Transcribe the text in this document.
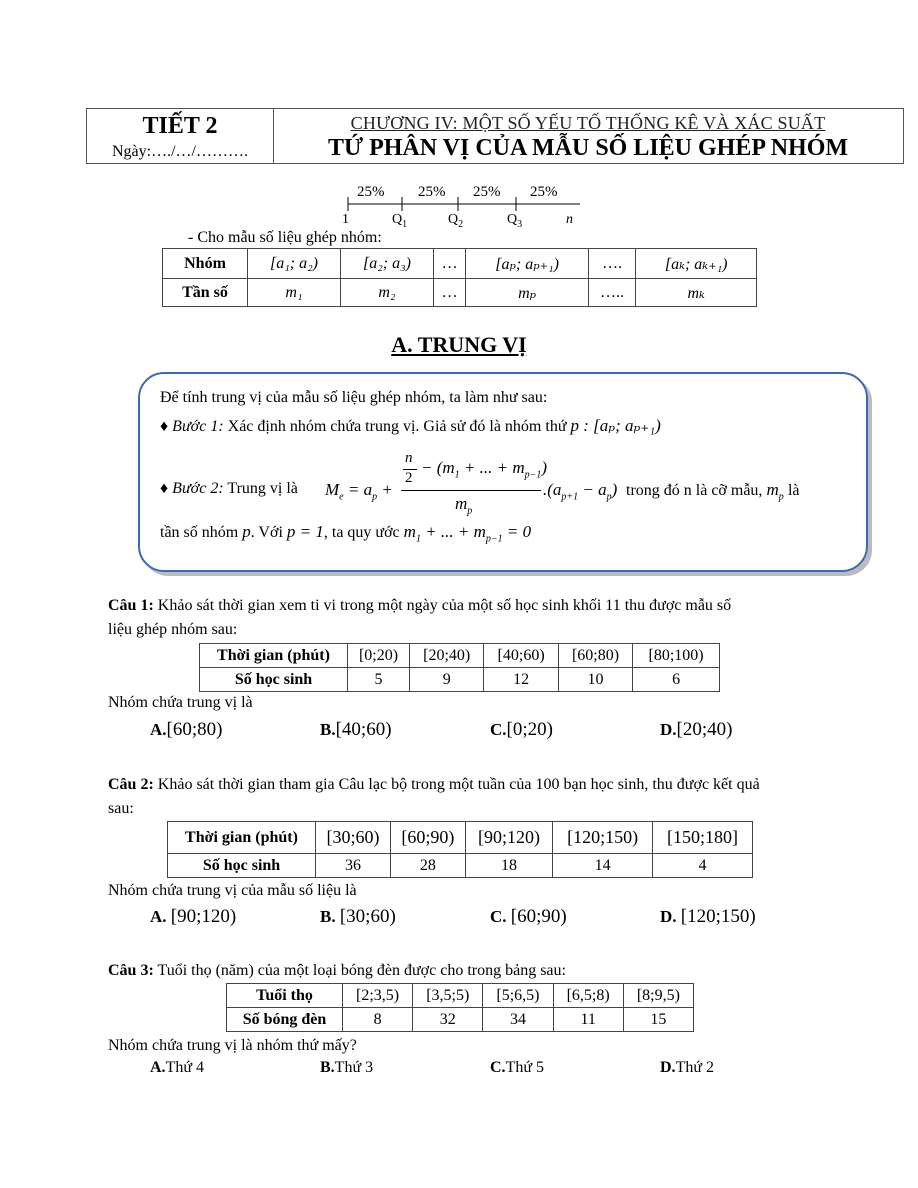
TIẾT 2
Ngày:…./…/……….
CHƯƠNG IV: MỘT SỐ YẾU TỐ THỐNG KÊ VÀ XÁC SUẤT
TỨ PHÂN VỊ CỦA MẪU SỐ LIỆU GHÉP NHÓM
25% 25% 25% 25%
1	$Q_1$	$Q_2$	$Q_3$	n
- Cho mẫu số liệu ghép nhóm:
Nhóm	[a₁; a₂)	[a₂; a₃)	…	[aₚ; aₚ₊₁)	….	[aₖ; aₖ₊₁)
Tần số	m₁	m₂	…	mₚ	…..	mₖ
A. TRUNG VỊ
Để tính trung vị của mẫu số liệu ghép nhóm, ta làm như sau:
♦ Bước 1: Xác định nhóm chứa trung vị. Giả sử đó là nhóm thứ p : [aₚ; aₚ₊₁)
♦ Bước 2: Trung vị là $M_e = a_p$ +
n
2
− ($m_1$ + ... + $m_{p-1}$)
$m_p$
$.(a_{p+1} - a_p)$ trong đó n là cỡ mẫu, $m_p$ là
tần số nhóm p. Với p = 1, ta quy ước $m_1$ + ... + $m_{p-1} = 0$
Câu 1: Khảo sát thời gian xem ti vi trong một ngày của một số học sinh khối 11 thu được mẫu số
liệu ghép nhóm sau:
Thời gian (phút)	[0;20)	[20;40)	[40;60)	[60;80)	[80;100)
Số học sinh	5	9	12	10	6
Nhóm chứa trung vị là
A.[60;80)	B.[40;60)	C.[0;20)	D.[20;40)
Câu 2: Khảo sát thời gian tham gia Câu lạc bộ trong một tuần của 100 bạn học sinh, thu được kết quả
sau:
Thời gian (phút)	[30;60)	[60;90)	[90;120)	[120;150)	[150;180]
Số học sinh	36	28	18	14	4
Nhóm chứa trung vị của mẫu số liệu là
A. [90;120)	B. [30;60)	C. [60;90)	D. [120;150)
Câu 3: Tuổi thọ (năm) của một loại bóng đèn được cho trong bảng sau:
Tuổi thọ	[2;3,5)	[3,5;5)	[5;6,5)	[6,5;8)	[8;9,5)
Số bóng đèn	8	32	34	11	15
Nhóm chứa trung vị là nhóm thứ mấy?
A.Thứ 4	B.Thứ 3	C.Thứ 5	D.Thứ 2
